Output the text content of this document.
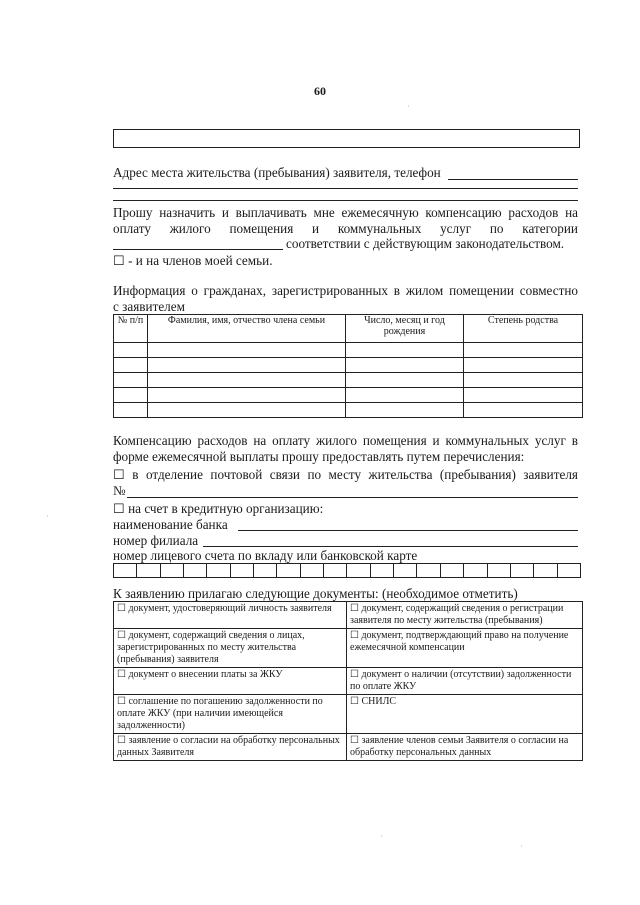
60
Адрес места жительства (пребывания) заявителя, телефон
Прошу назначить и выплачивать мне ежемесячную компенсацию расходов на
оплату жилого помещения и коммунальных услуг по категории
соответствии с действующим законодательством.
☐ - и на членов моей семьи.
Информация о гражданах, зарегистрированных в жилом помещении совместно
с заявителем
№ п/п	Фамилия, имя, отчество члена семьи	Число, месяц и год рождения	Степень родства

Компенсацию расходов на оплату жилого помещения и коммунальных услуг в
форме ежемесячной выплаты прошу предоставлять путем перечисления:
☐ в отделение почтовой связи по месту жительства (пребывания) заявителя
№
☐ на счет в кредитную организацию:
наименование банка
номер филиала
номер лицевого счета по вкладу или банковской карте
К заявлению прилагаю следующие документы: (необходимое отметить)
☐ документ, удостоверяющий личность заявителя	☐ документ, содержащий сведения о регистрации заявителя по месту жительства (пребывания)
☐ документ, содержащий сведения о лицах, зарегистрированных по месту жительства (пребывания) заявителя	☐ документ, подтверждающий право на получение ежемесячной компенсации
☐ документ о внесении платы за ЖКУ	☐ документ о наличии (отсутствии) задолженности по оплате ЖКУ
☐ соглашение по погашению задолженности по оплате ЖКУ (при наличии имеющейся задолженности)	☐ СНИЛС
☐ заявление о согласии на обработку персональных данных Заявителя	☐ заявление членов семьи Заявителя о согласии на обработку персональных данных
·
·
·
·
